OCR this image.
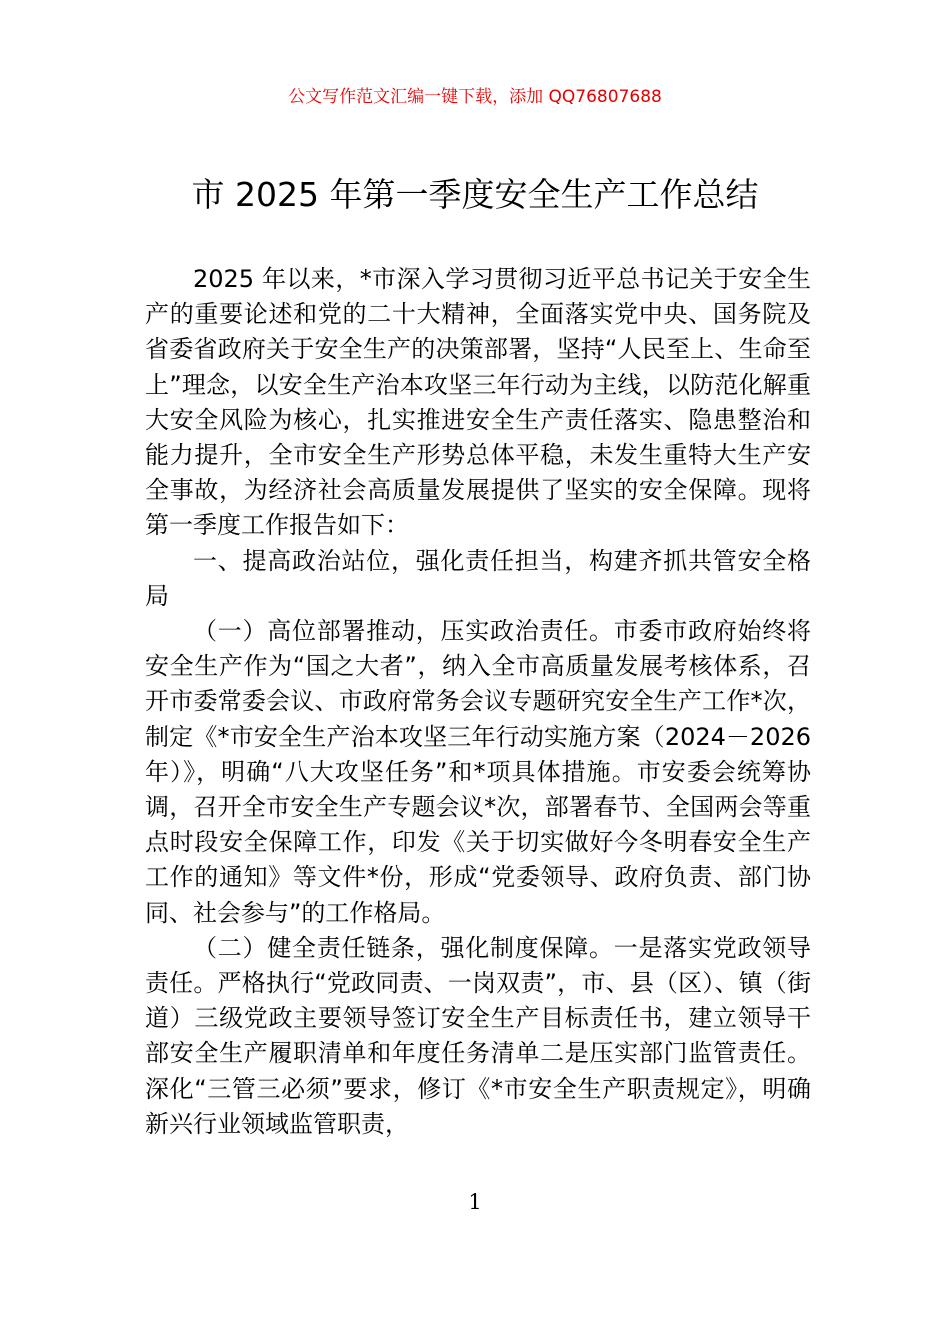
公文写作范文汇编一键下载，添加 QQ76807688
市 2025 年第一季度安全生产工作总结

2025 年以来，*市深入学习贯彻习近平总书记关于安全生产的重要论述和党的二十大精神，全面落实党中央、国务院及省委省政府关于安全生产的决策部署，坚持“人民至上、生命至上”理念，以安全生产治本攻坚三年行动为主线，以防范化解重大安全风险为核心，扎实推进安全生产责任落实、隐患整治和能力提升，全市安全生产形势总体平稳，未发生重特大生产安全事故，为经济社会高质量发展提供了坚实的安全保障。现将第一季度工作报告如下：

一、提高政治站位，强化责任担当，构建齐抓共管安全格局

（一）高位部署推动，压实政治责任。市委市政府始终将安全生产作为“国之大者”，纳入全市高质量发展考核体系，召开市委常委会议、市政府常务会议专题研究安全生产工作*次，制定《*市安全生产治本攻坚三年行动实施方案（2024－2026 年）》，明确“八大攻坚任务”和*项具体措施。市安委会统筹协调，召开全市安全生产专题会议*次，部署春节、全国两会等重点时段安全保障工作，印发《关于切实做好今冬明春安全生产工作的通知》等文件*份，形成“党委领导、政府负责、部门协同、社会参与”的工作格局。

（二）健全责任链条，强化制度保障。一是落实党政领导责任。严格执行“党政同责、一岗双责”，市、县（区）、镇（街道）三级党政主要领导签订安全生产目标责任书，建立领导干部安全生产履职清单和年度任务清单二是压实部门监管责任。深化“三管三必须”要求，修订《*市安全生产职责规定》，明确新兴行业领域监管职责，

1
